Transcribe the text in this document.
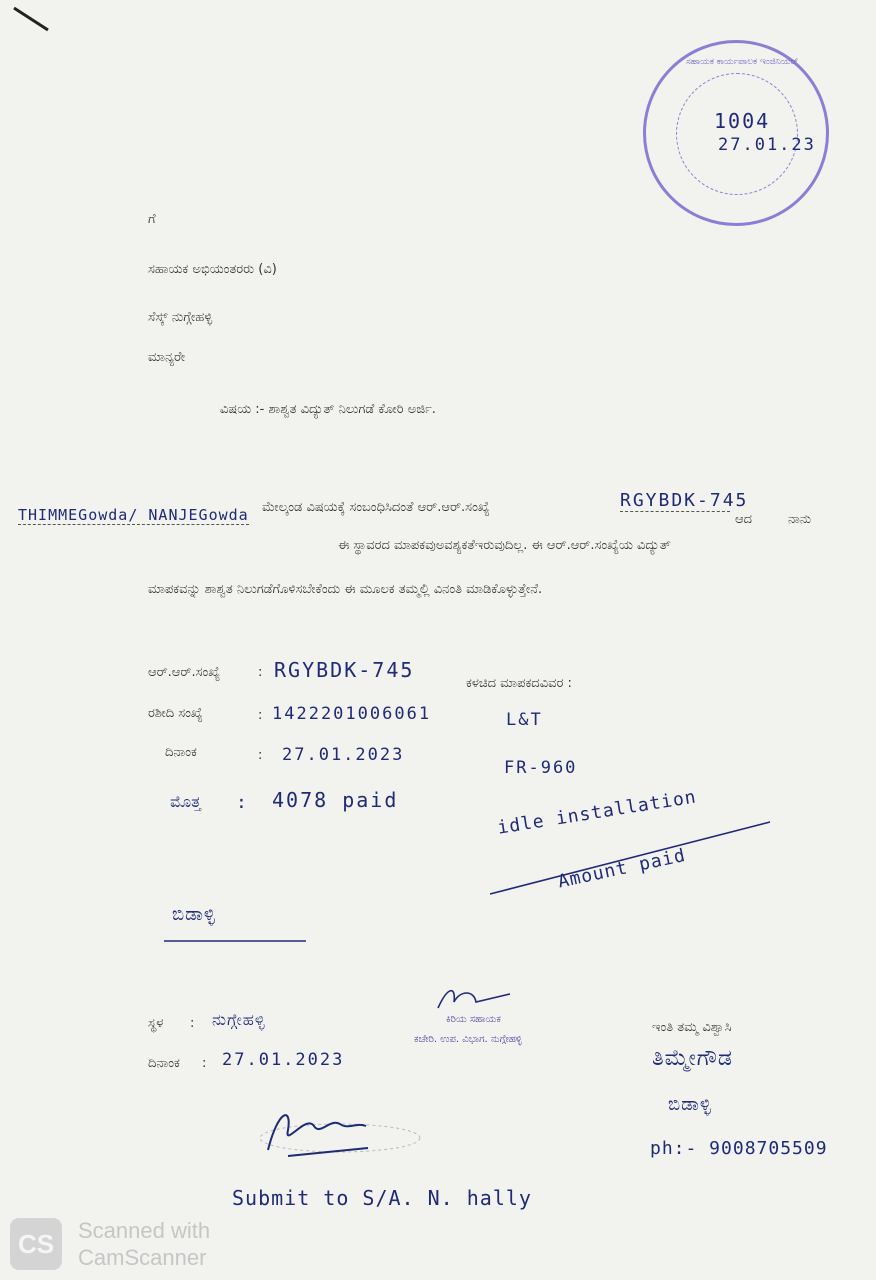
ಸಹಾಯಕ ಕಾರ್ಯಪಾಲಕ ಇಂಜಿನಿಯರ್
1004
27.01.23
ಗೆ
ಸಹಾಯಕ ಅಭಿಯಂತರರು (ವಿ)
ಸೆಸ್ಕ್ ನುಗ್ಗೇಹಳ್ಳಿ
ಮಾನ್ಯರೇ
ವಿಷಯ :- ಶಾಶ್ವತ ವಿದ್ಯುತ್ ನಿಲುಗಡೆ ಕೋರಿ ಅರ್ಜಿ.
ಮೇಲ್ಕಂಡ ವಿಷಯಕ್ಕೆ ಸಂಬಂಧಿಸಿದಂತೆ ಆರ್.ಆರ್.ಸಂಖ್ಯೆ	RGYBDK-745
ಆದ	ನಾನು
THIMMEGowda/ NANJEGowda
ಈ ಸ್ಥಾವರದ ಮಾಪಕವುಅವಶ್ಯಕತೆಇರುವುದಿಲ್ಲ. ಈ ಆರ್.ಆರ್.ಸಂಖ್ಯೆಯ ವಿದ್ಯುತ್
ಮಾಪಕವನ್ನು ಶಾಶ್ವತ ನಿಲುಗಡೆಗೊಳಿಸಬೇಕೆಂದು ಈ ಮೂಲಕ ತಮ್ಮಲ್ಲಿ ವಿನಂತಿ ಮಾಡಿಕೊಳ್ಳುತ್ತೇನೆ.
ಆರ್.ಆರ್.ಸಂಖ್ಯೆ	: RGYBDK-745
ಕಳಚಿದ ಮಾಪಕದವಿವರ :
ರಶೀದಿ ಸಂಖ್ಯೆ	: 1422201006061	L&T
ದಿನಾಂಕ	: 27.01.2023
FR-960
ಮೊತ್ತ : 4078 paid	idle installation
Amount paid
ಬಿಡಾಳ್ಳಿ
ಸ್ಥಳ : ನುಗ್ಗೇಹಳ್ಳಿ
ದಿನಾಂಕ : 27.01.2023
ಕಿರಿಯ ಸಹಾಯಕ
ಕಚೇರಿ. ಉಪ. ವಿಭಾಗ. ನುಗ್ಗೇಹಳ್ಳಿ
ಇಂತಿ ತಮ್ಮ ವಿಶ್ವಾಸಿ
ತಿಮ್ಮೇಗೌಡ
ಬಿಡಾಳ್ಳಿ
ph:- 9008705509
Submit to S/A. N. hally
CS	Scanned with
CamScanner
